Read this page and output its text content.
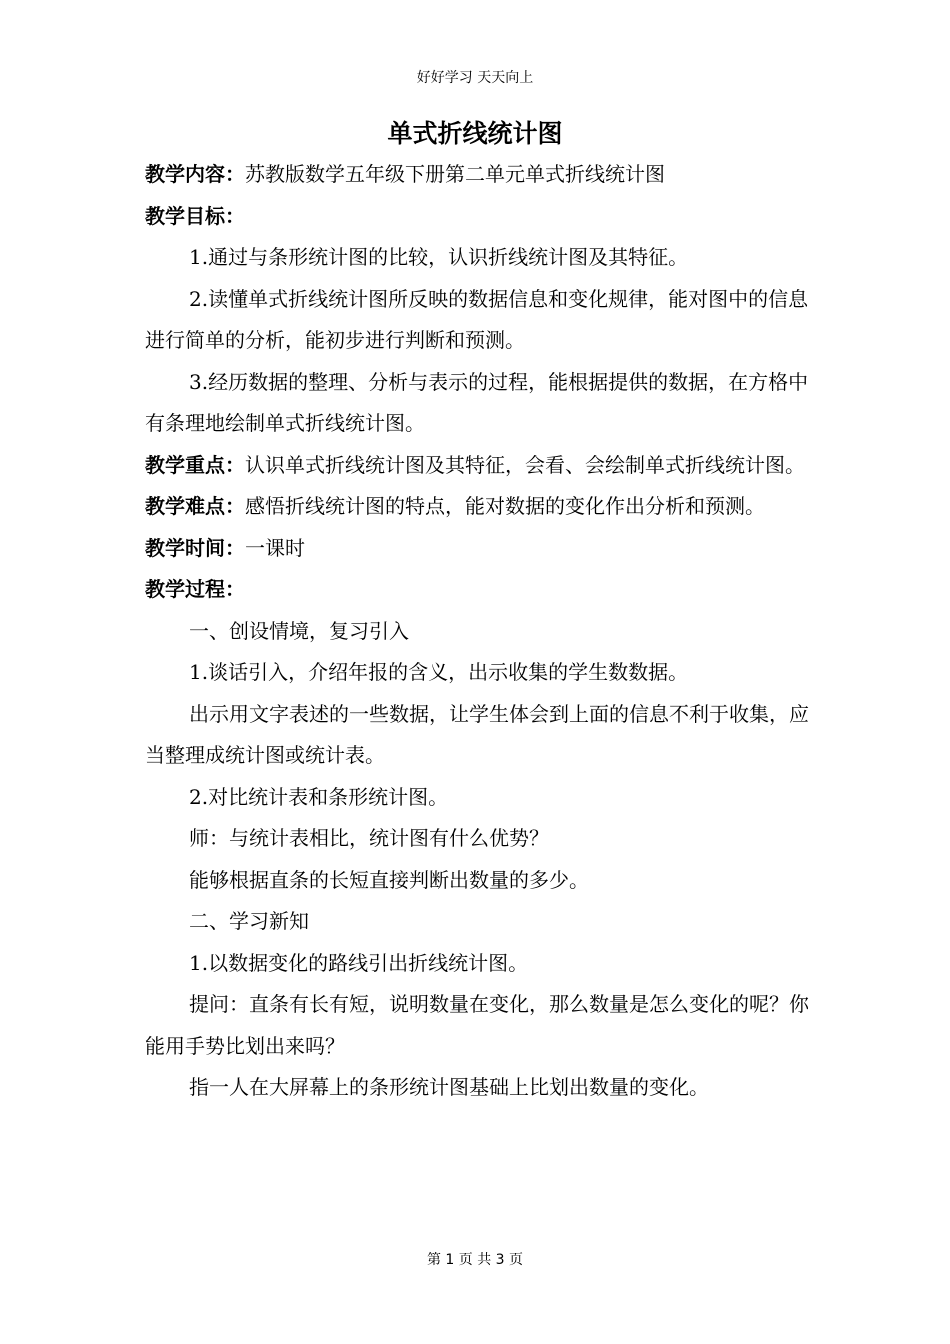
好好学习 天天向上
单式折线统计图

教学内容：苏教版数学五年级下册第二单元单式折线统计图

教学目标：

1.通过与条形统计图的比较，认识折线统计图及其特征。

2.读懂单式折线统计图所反映的数据信息和变化规律，能对图中的信息进行简单的分析，能初步进行判断和预测。

3.经历数据的整理、分析与表示的过程，能根据提供的数据，在方格中有条理地绘制单式折线统计图。

教学重点：认识单式折线统计图及其特征，会看、会绘制单式折线统计图。

教学难点：感悟折线统计图的特点，能对数据的变化作出分析和预测。

教学时间：一课时

教学过程：

一、创设情境，复习引入

1.谈话引入，介绍年报的含义，出示收集的学生数数据。

出示用文字表述的一些数据，让学生体会到上面的信息不利于收集，应当整理成统计图或统计表。

2.对比统计表和条形统计图。

师：与统计表相比，统计图有什么优势？

能够根据直条的长短直接判断出数量的多少。

二、学习新知

1.以数据变化的路线引出折线统计图。

提问：直条有长有短，说明数量在变化，那么数量是怎么变化的呢？你能用手势比划出来吗？

指一人在大屏幕上的条形统计图基础上比划出数量的变化。

第 1 页 共 3 页
